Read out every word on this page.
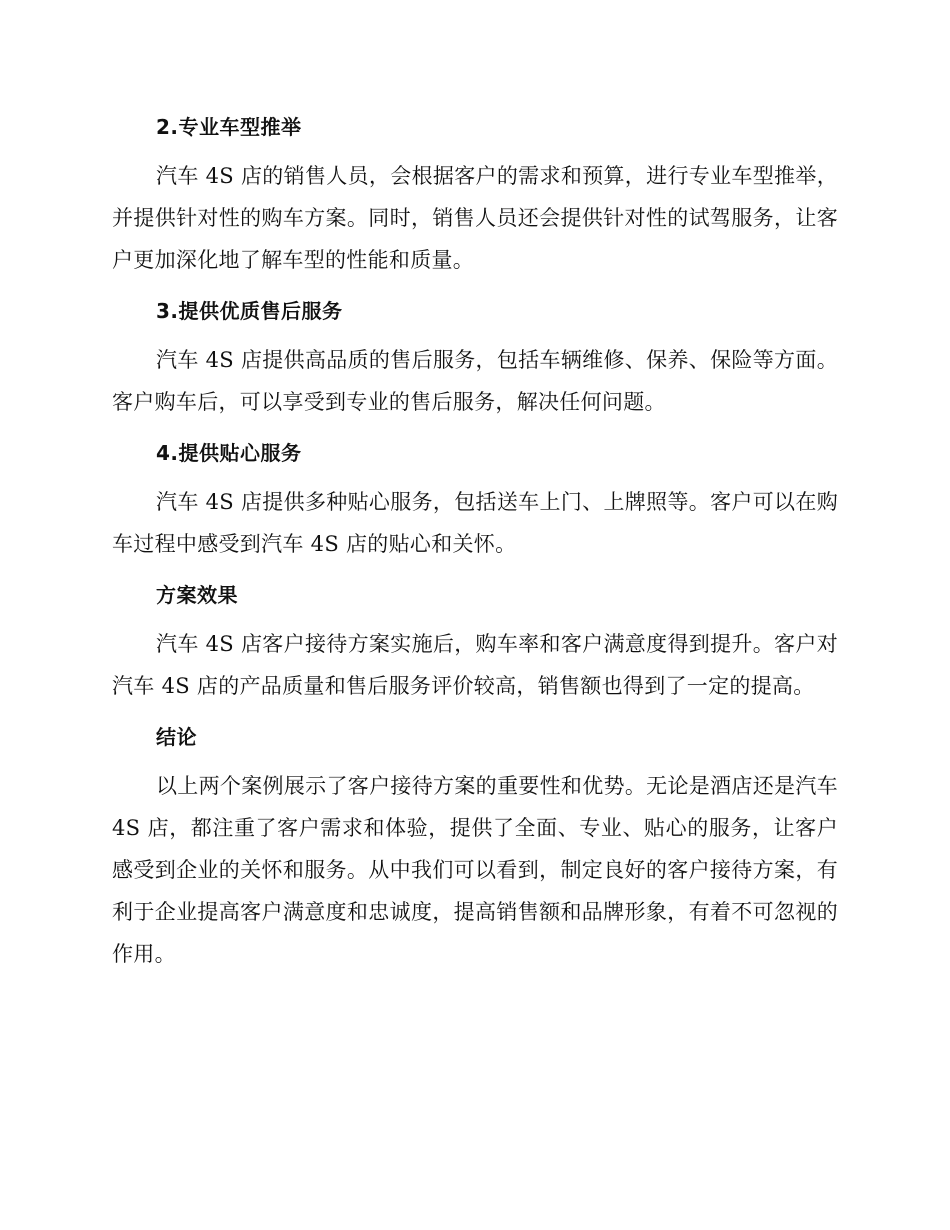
2.专业车型推举

汽车 4S 店的销售人员，会根据客户的需求和预算，进行专业车型推举，并提供针对性的购车方案。同时，销售人员还会提供针对性的试驾服务，让客户更加深化地了解车型的性能和质量。

3.提供优质售后服务

汽车 4S 店提供高品质的售后服务，包括车辆维修、保养、保险等方面。客户购车后，可以享受到专业的售后服务，解决任何问题。

4.提供贴心服务

汽车 4S 店提供多种贴心服务，包括送车上门、上牌照等。客户可以在购车过程中感受到汽车 4S 店的贴心和关怀。

方案效果

汽车 4S 店客户接待方案实施后，购车率和客户满意度得到提升。客户对汽车 4S 店的产品质量和售后服务评价较高，销售额也得到了一定的提高。

结论

以上两个案例展示了客户接待方案的重要性和优势。无论是酒店还是汽车 4S 店，都注重了客户需求和体验，提供了全面、专业、贴心的服务，让客户感受到企业的关怀和服务。从中我们可以看到，制定良好的客户接待方案，有利于企业提高客户满意度和忠诚度，提高销售额和品牌形象，有着不可忽视的作用。
